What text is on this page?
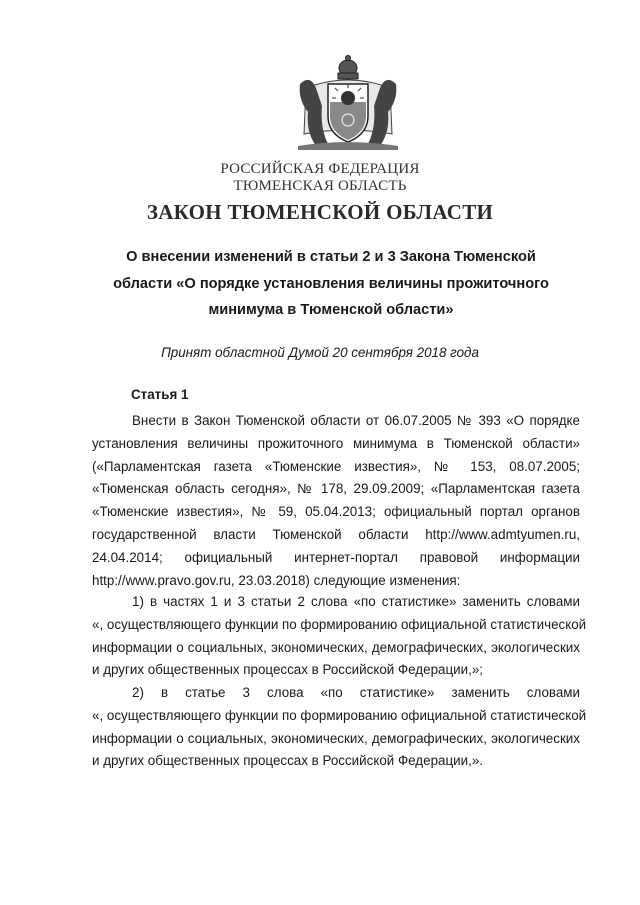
РОССИЙСКАЯ ФЕДЕРАЦИЯ
ТЮМЕНСКАЯ ОБЛАСТЬ
ЗАКОН ТЮМЕНСКОЙ ОБЛАСТИ
О внесении изменений в статьи 2 и 3 Закона Тюменской
области «О порядке установления величины прожиточного
минимума в Тюменской области»
Принят областной Думой 20 сентября 2018 года
Статья 1
Внести в Закон Тюменской области от 06.07.2005 № 393 «О порядке
установления величины прожиточного минимума в Тюменской области»
(«Парламентская газета «Тюменские известия», № 153, 08.07.2005;
«Тюменская область сегодня», № 178, 29.09.2009; «Парламентская газета
«Тюменские известия», № 59, 05.04.2013; официальный портал органов
государственной власти Тюменской области http://www.admtyumen.ru,
24.04.2014; официальный интернет-портал правовой информации
http://www.pravo.gov.ru, 23.03.2018) следующие изменения:
1) в частях 1 и 3 статьи 2 слова «по статистике» заменить словами
«, осуществляющего функции по формированию официальной статистической
информации о социальных, экономических, демографических, экологических
и других общественных процессах в Российской Федерации,»;
2) в статье 3 слова «по статистике» заменить словами
«, осуществляющего функции по формированию официальной статистической
информации о социальных, экономических, демографических, экологических
и других общественных процессах в Российской Федерации,».
